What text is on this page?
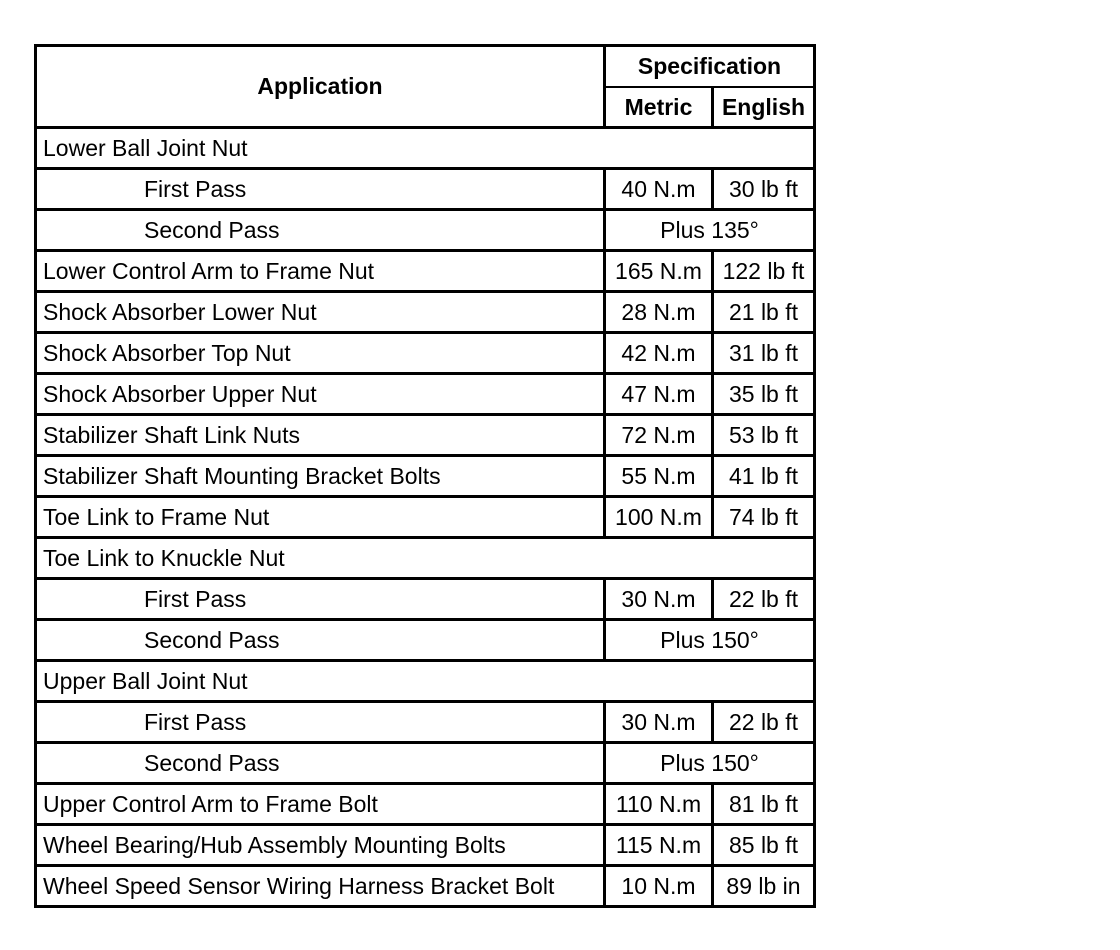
Application	Specification	
	Metric	English
Lower Ball Joint Nut		
First Pass	40 N.m	30 lb ft
Second Pass	Plus 135°	
Lower Control Arm to Frame Nut	165 N.m	122 lb ft
Shock Absorber Lower Nut	28 N.m	21 lb ft
Shock Absorber Top Nut	42 N.m	31 lb ft
Shock Absorber Upper Nut	47 N.m	35 lb ft
Stabilizer Shaft Link Nuts	72 N.m	53 lb ft
Stabilizer Shaft Mounting Bracket Bolts	55 N.m	41 lb ft
Toe Link to Frame Nut	100 N.m	74 lb ft
Toe Link to Knuckle Nut		
First Pass	30 N.m	22 lb ft
Second Pass	Plus 150°	
Upper Ball Joint Nut		
First Pass	30 N.m	22 lb ft
Second Pass	Plus 150°	
Upper Control Arm to Frame Bolt	110 N.m	81 lb ft
Wheel Bearing/Hub Assembly Mounting Bolts	115 N.m	85 lb ft
Wheel Speed Sensor Wiring Harness Bracket Bolt	10 N.m	89 lb in
